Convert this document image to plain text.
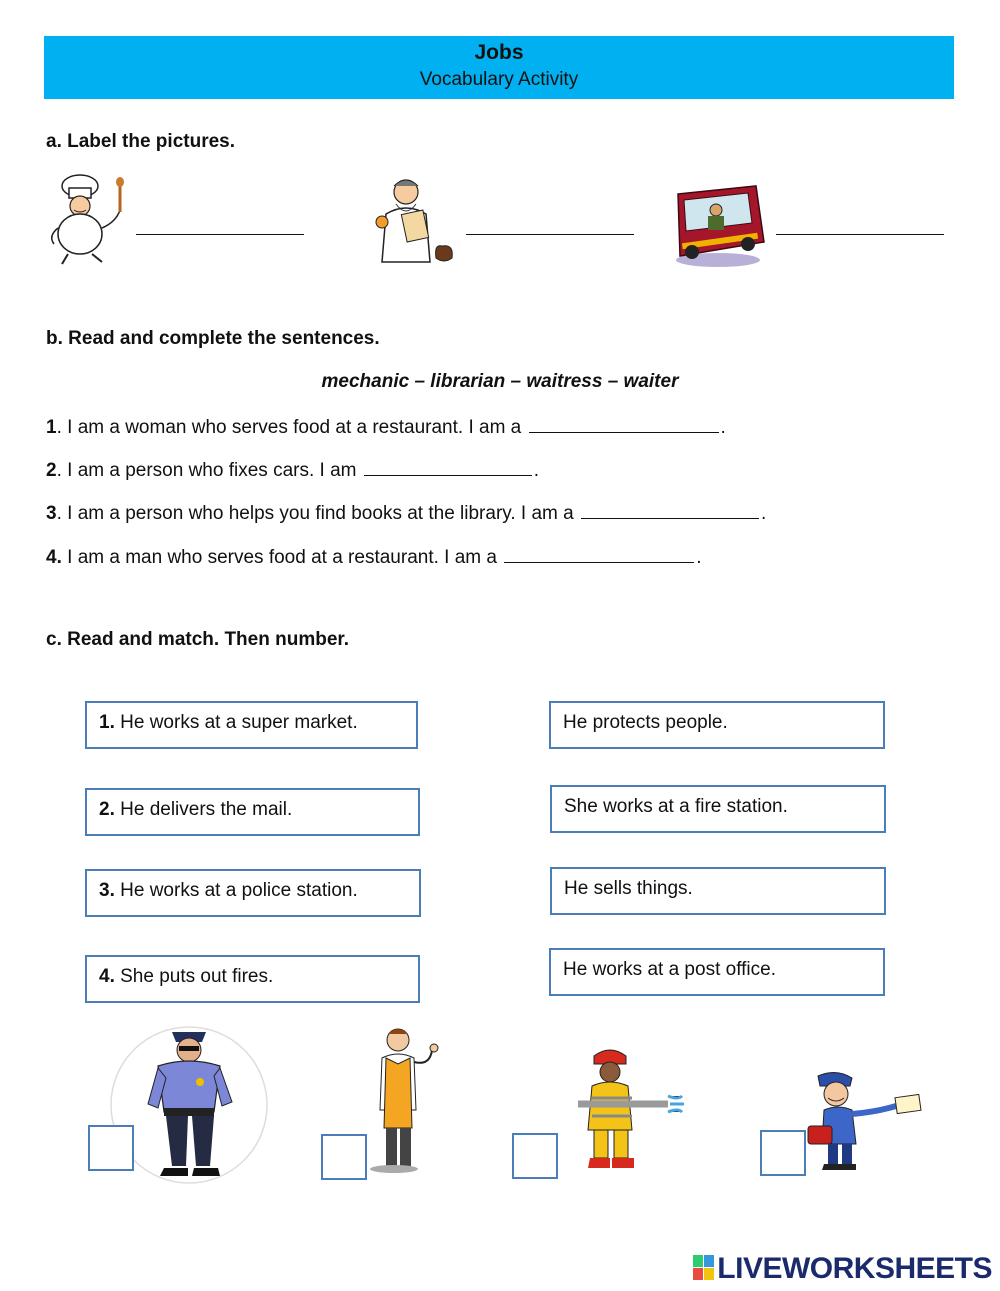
Jobs
Vocabulary Activity
a. Label the pictures.
b. Read and complete the sentences.
mechanic – librarian – waitress – waiter
1. I am a woman who serves food at a restaurant. I am a	.
2. I am a person who fixes cars. I am	.
3. I am a person who helps you find books at the library. I am a	.
4. I am a man who serves food at a restaurant. I am a	.
c. Read and match. Then number.
1. He works at a super market.
2. He delivers the mail.
3. He works at a police station.
4. She puts out fires.
He protects people.
She works at a fire station.
He sells things.
He works at a post office.
LIVEWORKSHEETS
